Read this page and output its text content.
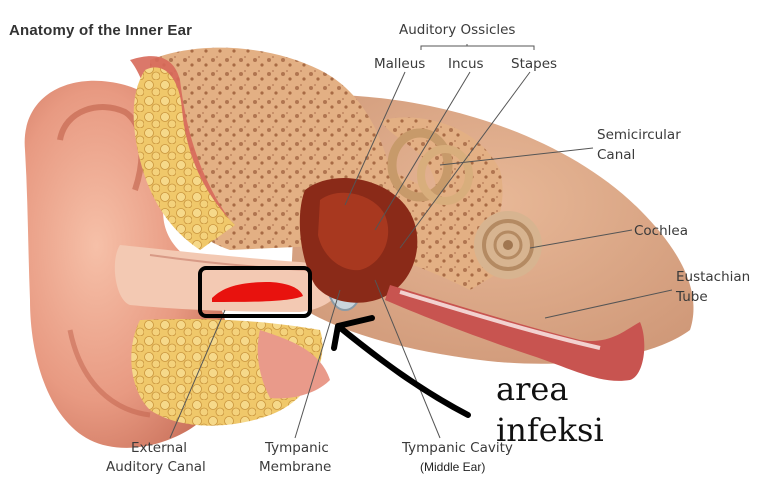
Anatomy of the Inner Ear	Auditory Ossicles
Malleus Incus Stapes
Semicircular
Canal
Cochlea
Eustachian
Tube
External
Auditory Canal
Tympanic
Membrane
Tympanic Cavity
(Middle Ear)
area
infeksi
